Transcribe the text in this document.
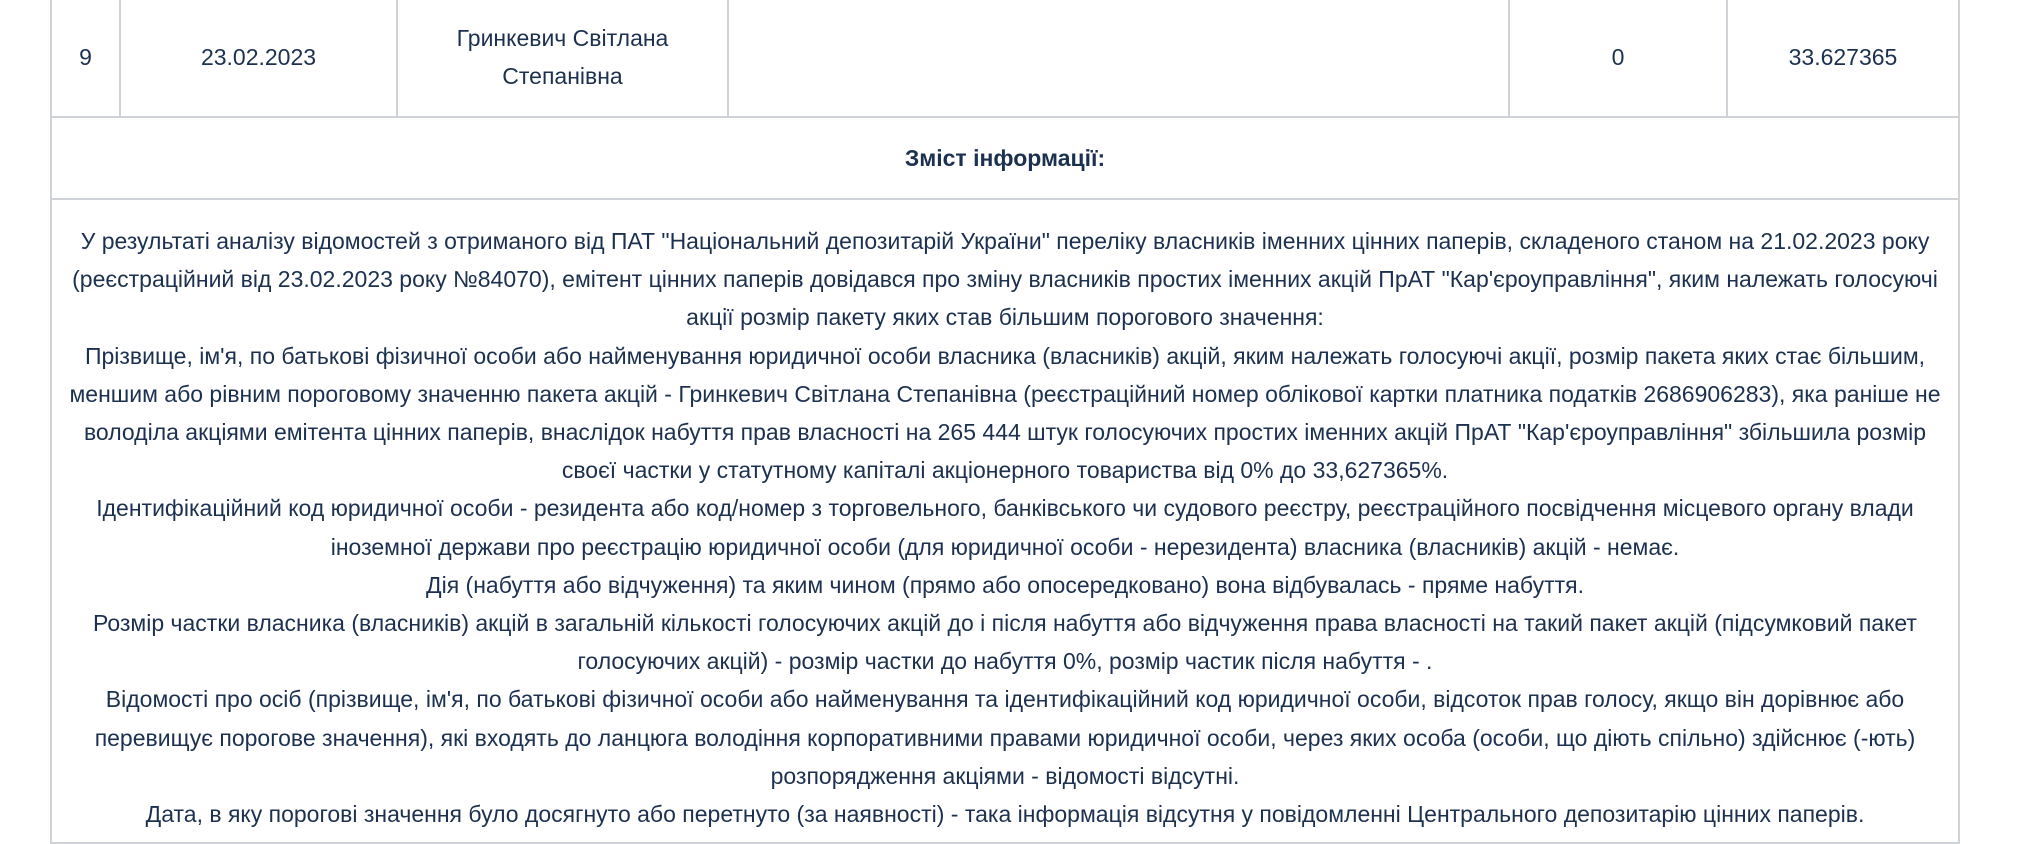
9	23.02.2023	Гринкевич Світлана Степанівна		0	33.627365
Зміст інформації:

У результаті аналізу відомостей з отриманого від ПАТ "Національний депозитарій України" переліку власників іменних цінних паперів, складеного станом на 21.02.2023 року (реєстраційний від 23.02.2023 року №84070), емітент цінних паперів довідався про зміну власників простих іменних акцій ПрАТ "Кар'єроуправління", яким належать голосуючі акції розмір пакету яких став більшим порогового значення:
Прізвище, ім'я, по батькові фізичної особи або найменування юридичної особи власника (власників) акцій, яким належать голосуючі акції, розмір пакета яких стає більшим, меншим або рівним пороговому значенню пакета акцій - Гринкевич Світлана Степанівна (реєстраційний номер облікової картки платника податків 2686906283), яка раніше не володіла акціями емітента цінних паперів, внаслідок набуття прав власності на 265 444 штук голосуючих простих іменних акцій ПрАТ "Кар'єроуправління" збільшила розмір своєї частки у статутному капіталі акціонерного товариства від 0% до 33,627365%.
Ідентифікаційний код юридичної особи - резидента або код/номер з торговельного, банківського чи судового реєстру, реєстраційного посвідчення місцевого органу влади іноземної держави про реєстрацію юридичної особи (для юридичної особи - нерезидента) власника (власників) акцій - немає.
Дія (набуття або відчуження) та яким чином (прямо або опосередковано) вона відбувалась - пряме набуття.
Розмір частки власника (власників) акцій в загальній кількості голосуючих акцій до і після набуття або відчуження права власності на такий пакет акцій (підсумковий пакет голосуючих акцій) - розмір частки до набуття 0%, розмір частик після набуття - .
Відомості про осіб (прізвище, ім'я, по батькові фізичної особи або найменування та ідентифікаційний код юридичної особи, відсоток прав голосу, якщо він дорівнює або перевищує порогове значення), які входять до ланцюга володіння корпоративними правами юридичної особи, через яких особа (особи, що діють спільно) здійснює (-ють) розпорядження акціями - відомості відсутні.
Дата, в яку порогові значення було досягнуто або перетнуто (за наявності) - така інформація відсутня у повідомленні Центрального депозитарію цінних паперів.
